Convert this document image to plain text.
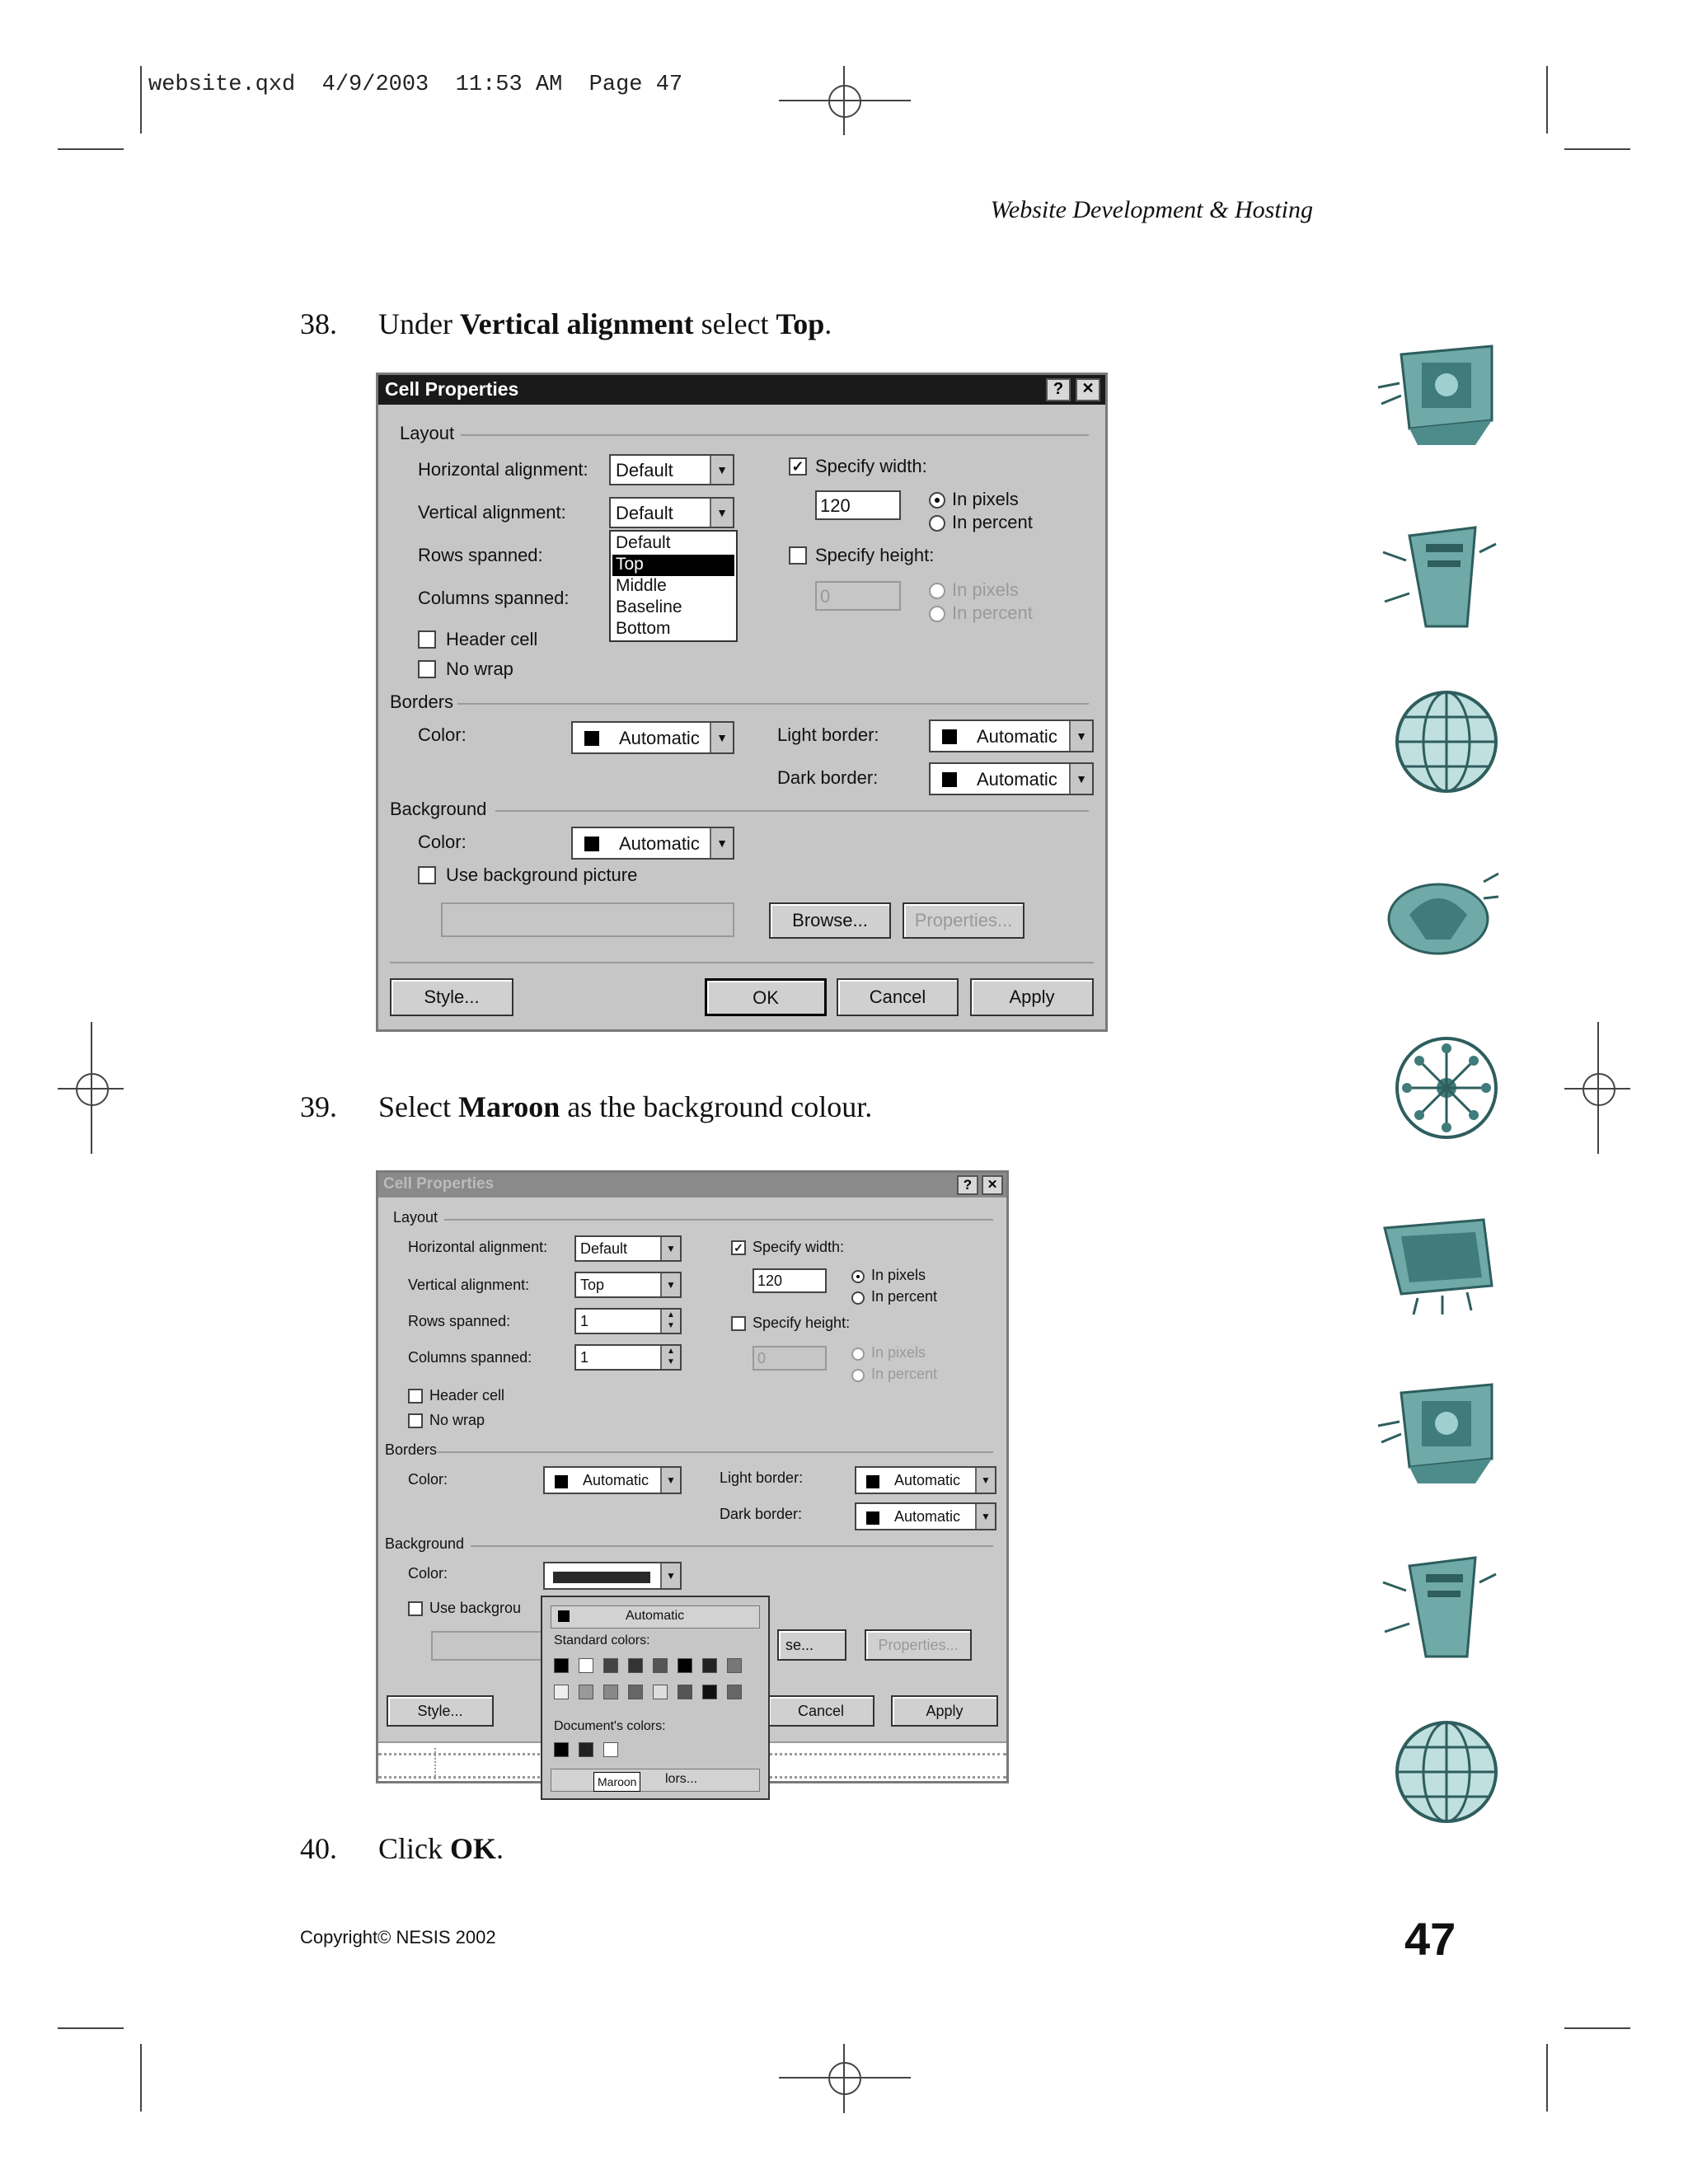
website.qxd  4/9/2003  11:53 AM  Page 47
Website Development & Hosting
38. Under Vertical alignment select Top.
Cell Properties	?	✕
Layout
Horizontal alignment: Default	▼
Vertical alignment:	Default	▼
Default
Top
Middle
Baseline
Bottom
Rows spanned:
Columns spanned:
Header cell
No wrap
✓ Specify width:
120	In pixels
In percent
Specify height:
0	In pixels
In percent
Borders
Color:	Automatic	▼	Light border:	Automatic	▼
Dark border:	Automatic	▼
Background
Color:	Automatic	▼
Use background picture
Browse...	Properties...
Style...	OK	Cancel	Apply
39. Select Maroon as the background colour.
Cell Properties	?	✕
Layout
Horizontal alignment: Default	▼
Vertical alignment:	Top	▼
Rows spanned:	1	▲
▼
Columns spanned:	1	▲
▼
Header cell
No wrap
✓ Specify width:
120	In pixels
In percent
Specify height:
0	In pixels
In percent
Borders
Color:	Automatic	▼	Light border:	Automatic	▼
Dark border:	Automatic	▼
Background
Color:	▼
Use backgrou
se...	Properties...
Style...	Cancel	Apply
Automatic
Standard colors:
Document's colors:
lors...
Maroon
40. Click OK.
Copyright© NESIS 2002	47
